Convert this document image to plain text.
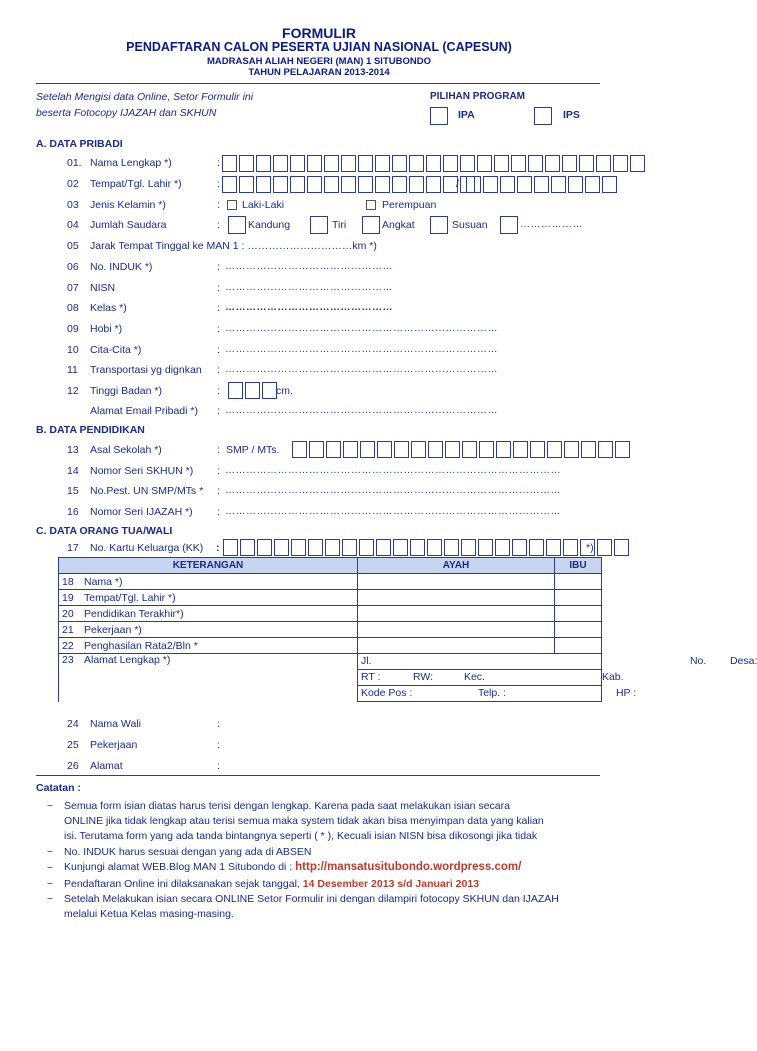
FORMULIR
PENDAFTARAN CALON PESERTA UJIAN NASIONAL (CAPESUN)
MADRASAH ALIAH NEGERI (MAN) 1 SITUBONDO
TAHUN PELAJARAN 2013-2014
Setelah Mengisi data Online, Setor Formulir ini
beserta Fotocopy IJAZAH dan SKHUN
PILIHAN PROGRAM
IPA	IPS
A. DATA PRIBADI
01. Nama Lengkap *)	:
02 Tempat/Tgl. Lahir *)	:	/
03 Jenis Kelamin *)	: Laki-Laki	Perempuan
04 Jumlah Saudara	:	Kandung	Tiri	Angkat	Susuan	………………
05 Jarak Tempat Tinggal ke MAN 1 : …………………………km *)
06 No. INDUK *)	: …………………………………………
07 NISN	: …………………………………………
08 Kelas *)	: …………………………………………
09 Hobi *)	: ……………………………………………………………………
10 Cita-Cita *)	: ……………………………………………………………………
11 Transportasi yg dignkan : ……………………………………………………………………
12 Tinggi Badan *)	:	cm.
Alamat Email Pribadi *) : ……………………………………………………………………
B. DATA PENDIDIKAN
13 Asal Sekolah *)	: SMP / MTs.
14 Nomor Seri SKHUN *) : ……………………………………………………………………………………
15 No.Pest. UN SMP/MTs * : ……………………………………………………………………………………
16 Nomor Seri IJAZAH *) : ……………………………………………………………………………………
C. DATA ORANG TUA/WALI
17 No. Kartu Keluarga (KK) :	*)
KETERANGAN		AYAH	IBU
18	Nama *)		
19	Tempat/Tgl. Lahir *)		
20	Pendidikan Terakhir*)		
21	Pekerjaan *)		
22	Penghasilan Rata2/Bln *		
23	Alamat Lengkap *)	Jl. No. Desa:	

		RT : RW: Kec. Kab.	

		Kode Pos : Telp. : HP :	
24 Nama Wali	:
25 Pekerjaan	:
26 Alamat	:
Catatan :
~ Semua form isian diatas harus terisi dengan lengkap. Karena pada saat melakukan isian secara
ONLINE jika tidak lengkap atau terisi semua maka system tidak akan bisa menyimpan data yang kalian
isi. Terutama form yang ada tanda bintangnya seperti ( * ), Kecuali isian NISN bisa dikosongi jika tidak
~ No. INDUK harus sesuai dengan yang ada di ABSEN
~ Kunjungi alamat WEB.Blog MAN 1 Situbondo di : http://mansatusitubondo.wordpress.com/
~ Pendaftaran Online ini dilaksanakan sejak tanggal, 14 Desember 2013 s/d Januari 2013
~ Setelah Melakukan isian secara ONLINE Setor Formulir ini dengan dilampiri fotocopy SKHUN dan IJAZAH
melalui Ketua Kelas masing-masing.
